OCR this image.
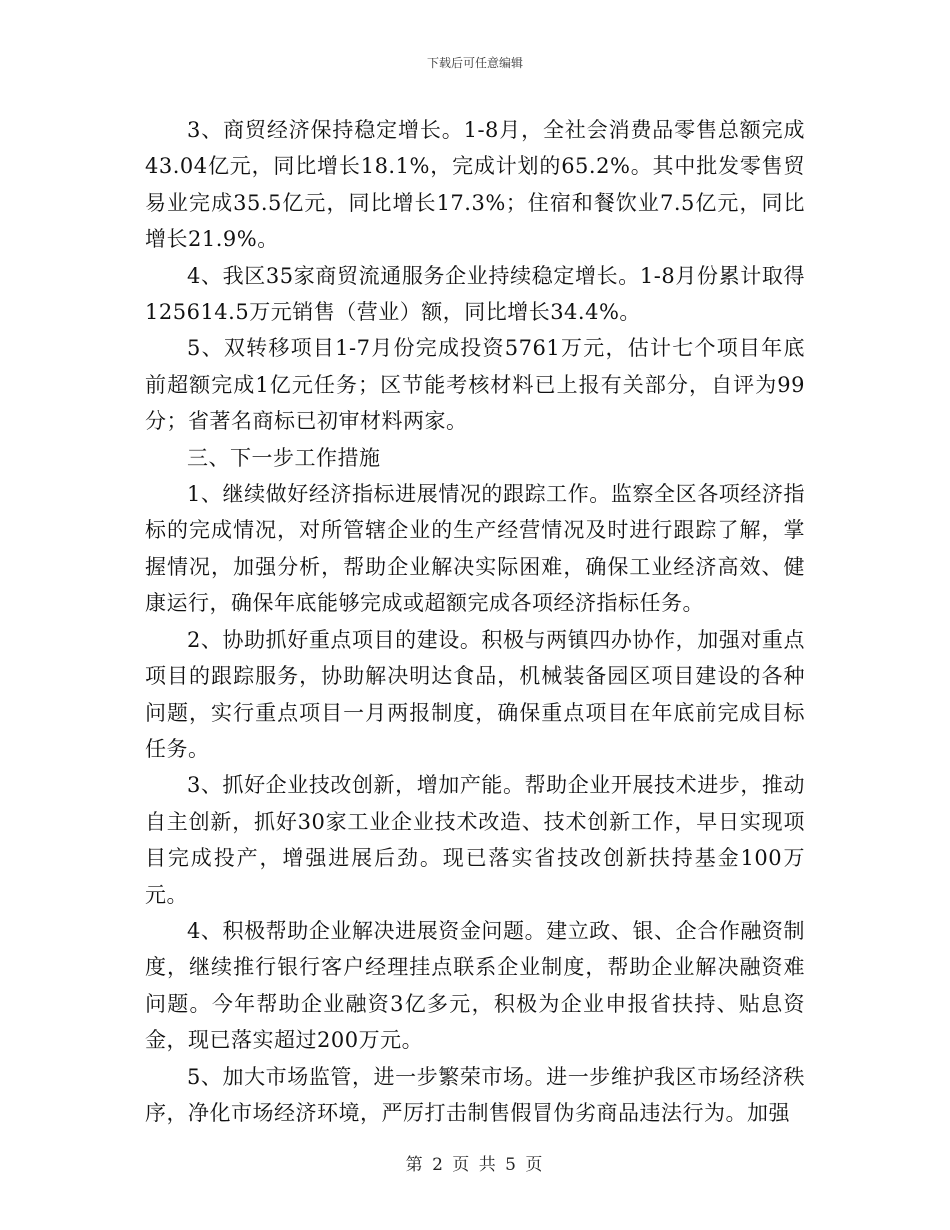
下载后可任意编辑

3、商贸经济保持稳定增长。1-8月，全社会消费品零售总额完成43.04亿元，同比增长18.1%，完成计划的65.2%。其中批发零售贸易业完成35.5亿元，同比增长17.3%；住宿和餐饮业7.5亿元，同比增长21.9%。

4、我区35家商贸流通服务企业持续稳定增长。1-8月份累计取得125614.5万元销售（营业）额，同比增长34.4%。

5、双转移项目1-7月份完成投资5761万元，估计七个项目年底前超额完成1亿元任务；区节能考核材料已上报有关部分，自评为99分；省著名商标已初审材料两家。

三、下一步工作措施

1、继续做好经济指标进展情况的跟踪工作。监察全区各项经济指标的完成情况，对所管辖企业的生产经营情况及时进行跟踪了解，掌握情况，加强分析，帮助企业解决实际困难，确保工业经济高效、健康运行，确保年底能够完成或超额完成各项经济指标任务。

2、协助抓好重点项目的建设。积极与两镇四办协作，加强对重点项目的跟踪服务，协助解决明达食品，机械装备园区项目建设的各种问题，实行重点项目一月两报制度，确保重点项目在年底前完成目标任务。

3、抓好企业技改创新，增加产能。帮助企业开展技术进步，推动自主创新，抓好30家工业企业技术改造、技术创新工作，早日实现项目完成投产，增强进展后劲。现已落实省技改创新扶持基金100万元。

4、积极帮助企业解决进展资金问题。建立政、银、企合作融资制度，继续推行银行客户经理挂点联系企业制度，帮助企业解决融资难问题。今年帮助企业融资3亿多元，积极为企业申报省扶持、贴息资金，现已落实超过200万元。

5、加大市场监管，进一步繁荣市场。进一步维护我区市场经济秩序，净化市场经济环境，严厉打击制售假冒伪劣商品违法行为。加强

第 2 页 共 5 页
